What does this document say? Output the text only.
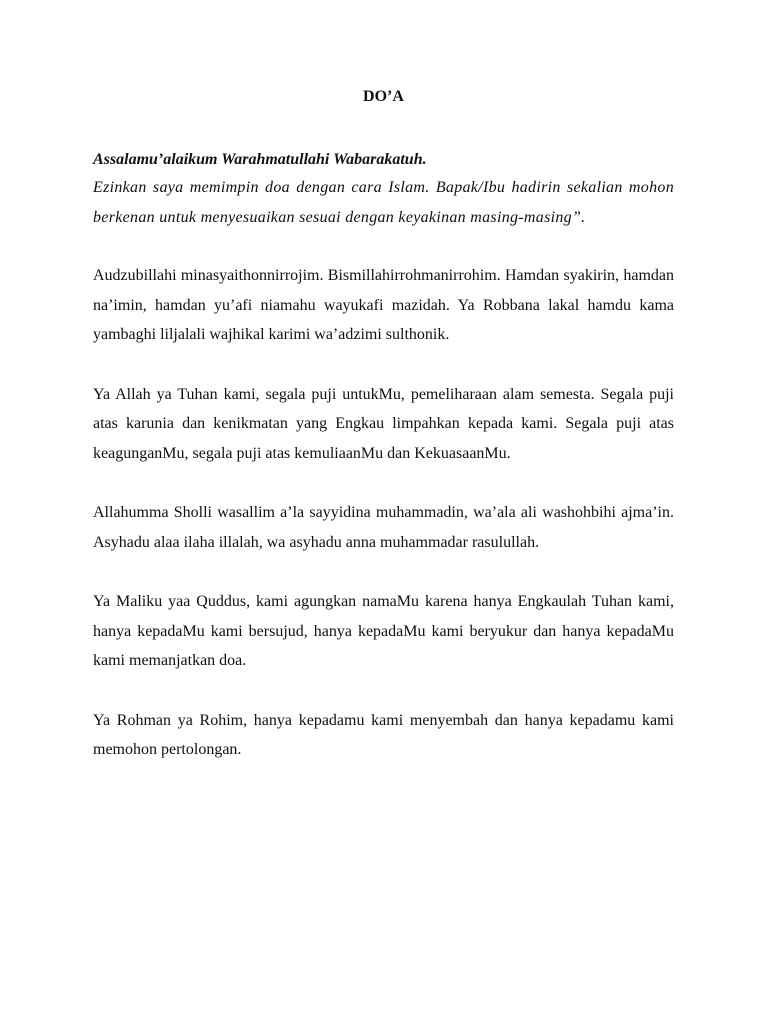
DO’A

Assalamu’alaikum Warahmatullahi Wabarakatuh.

Ezinkan saya memimpin doa dengan cara Islam. Bapak/Ibu hadirin sekalian mohon berkenan untuk menyesuaikan sesuai dengan keyakinan masing-masing”.

Audzubillahi minasyaithonnirrojim. Bismillahirrohmanirrohim. Hamdan syakirin, hamdan na’imin, hamdan yu’afi niamahu wayukafi mazidah. Ya Robbana lakal hamdu kama yambaghi liljalali wajhikal karimi wa’adzimi sulthonik.

Ya Allah ya Tuhan kami, segala puji untukMu, pemeliharaan alam semesta. Segala puji atas karunia dan kenikmatan yang Engkau limpahkan kepada kami. Segala puji atas keagunganMu, segala puji atas kemuliaanMu dan KekuasaanMu.

Allahumma Sholli wasallim a’la sayyidina muhammadin, wa’ala ali washohbihi ajma’in. Asyhadu alaa ilaha illalah, wa asyhadu anna muhammadar rasulullah.

Ya Maliku yaa Quddus, kami agungkan namaMu karena hanya Engkaulah Tuhan kami, hanya kepadaMu kami bersujud, hanya kepadaMu kami beryukur dan hanya kepadaMu kami memanjatkan doa.

Ya Rohman ya Rohim, hanya kepadamu kami menyembah dan hanya kepadamu kami memohon pertolongan.
